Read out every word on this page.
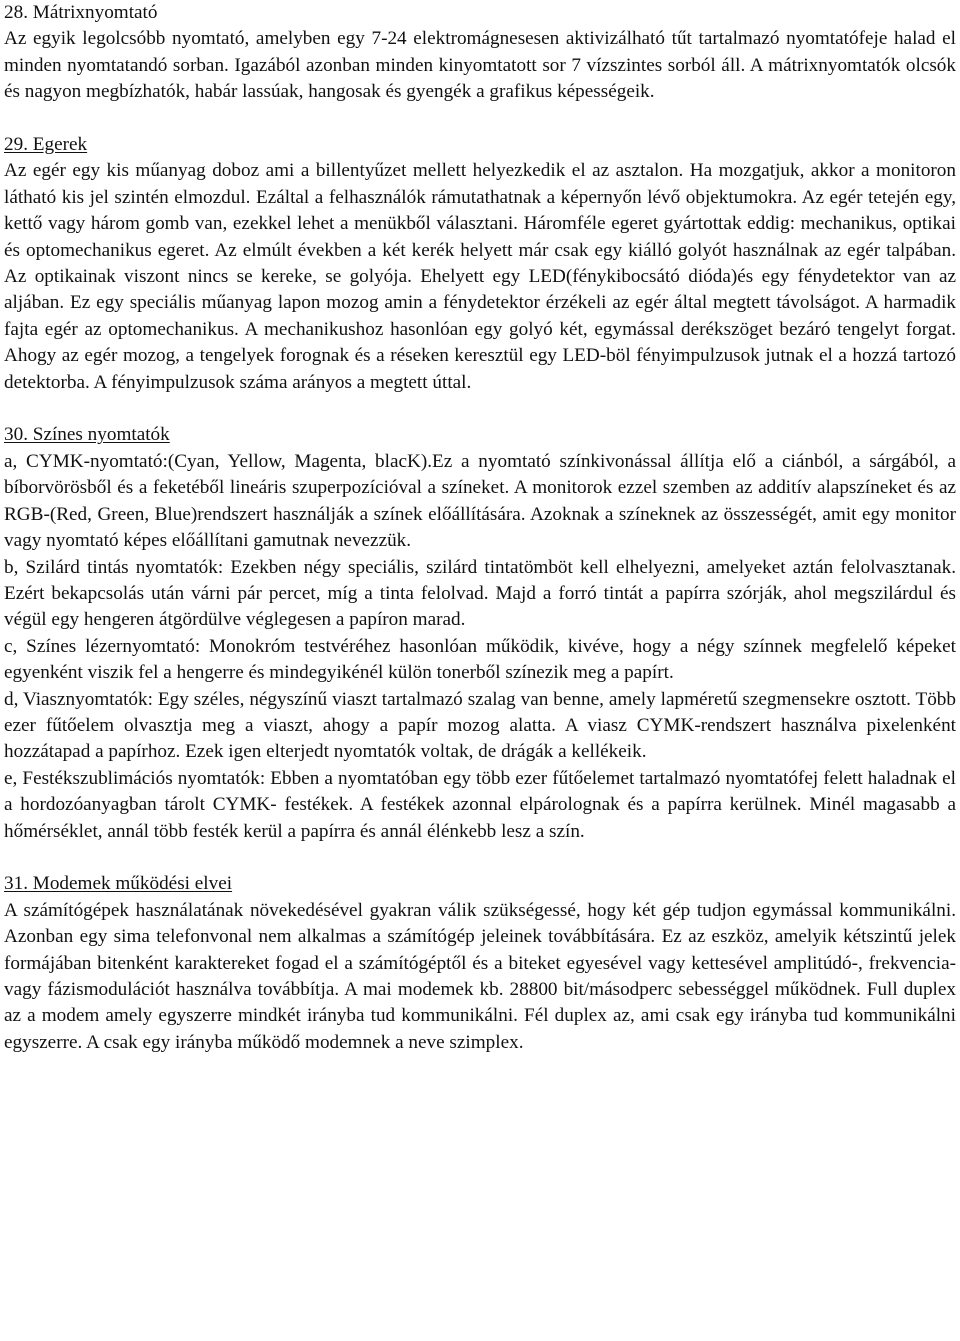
28. Mátrixnyomtató

Az egyik legolcsóbb nyomtató, amelyben egy 7-24 elektromágnesesen aktivizálható tűt tartalmazó nyomtatófeje halad el minden nyomtatandó sorban. Igazából azonban minden kinyomtatott sor 7 vízszintes sorból áll. A mátrixnyomtatók olcsók és nagyon megbízhatók, habár lassúak, hangosak és gyengék a grafikus képességeik.

29. Egerek

Az egér egy kis műanyag doboz ami a billentyűzet mellett helyezkedik el az asztalon. Ha mozgatjuk, akkor a monitoron látható kis jel szintén elmozdul. Ezáltal a felhasználók rámutathatnak a képernyőn lévő objektumokra. Az egér tetején egy, kettő vagy három gomb van, ezekkel lehet a menükből választani. Háromféle egeret gyártottak eddig: mechanikus, optikai és optomechanikus egeret. Az elmúlt években a két kerék helyett már csak egy kiálló golyót használnak az egér talpában. Az optikainak viszont nincs se kereke, se golyója. Ehelyett egy LED(fénykibocsátó dióda)és egy fénydetektor van az aljában. Ez egy speciális műanyag lapon mozog amin a fénydetektor érzékeli az egér által megtett távolságot. A harmadik fajta egér az optomechanikus. A mechanikushoz hasonlóan egy golyó két, egymással derékszöget bezáró tengelyt forgat. Ahogy az egér mozog, a tengelyek forognak és a réseken keresztül egy LED-böl fényimpulzusok jutnak el a hozzá tartozó detektorba. A fényimpulzusok száma arányos a megtett úttal.

30. Színes nyomtatók

a, CYMK-nyomtató:(Cyan, Yellow, Magenta, blacK).Ez a nyomtató színkivonással állítja elő a ciánból, a sárgából, a bíborvörösből és a feketéből lineáris szuperpozícióval a színeket. A monitorok ezzel szemben az additív alapszíneket és az RGB-(Red, Green, Blue)rendszert használják a színek előállítására. Azoknak a színeknek az összességét, amit egy monitor vagy nyomtató képes előállítani gamutnak nevezzük.

b, Szilárd tintás nyomtatók: Ezekben négy speciális, szilárd tintatömböt kell elhelyezni, amelyeket aztán felolvasztanak. Ezért bekapcsolás után várni pár percet, míg a tinta felolvad. Majd a forró tintát a papírra szórják, ahol megszilárdul és végül egy hengeren átgördülve véglegesen a papíron marad.

c, Színes lézernyomtató: Monokróm testvéréhez hasonlóan működik, kivéve, hogy a négy színnek megfelelő képeket egyenként viszik fel a hengerre és mindegyikénél külön tonerből színezik meg a papírt.

d, Viasznyomtatók: Egy széles, négyszínű viaszt tartalmazó szalag van benne, amely lapméretű szegmensekre osztott. Több ezer fűtőelem olvasztja meg a viaszt, ahogy a papír mozog alatta. A viasz CYMK-rendszert használva pixelenként hozzátapad a papírhoz. Ezek igen elterjedt nyomtatók voltak, de drágák a kellékeik.

e, Festékszublimációs nyomtatók: Ebben a nyomtatóban egy több ezer fűtőelemet tartalmazó nyomtatófej felett haladnak el a hordozóanyagban tárolt CYMK- festékek. A festékek azonnal elpárolognak és a papírra kerülnek. Minél magasabb a hőmérséklet, annál több festék kerül a papírra és annál élénkebb lesz a szín.

31. Modemek működési elvei

A számítógépek használatának növekedésével gyakran válik szükségessé, hogy két gép tudjon egymással kommunikálni. Azonban egy sima telefonvonal nem alkalmas a számítógép jeleinek továbbítására. Ez az eszköz, amelyik kétszintű jelek formájában bitenként karaktereket fogad el a számítógéptől és a biteket egyesével vagy kettesével amplitúdó-, frekvencia- vagy fázismodulációt használva továbbítja. A mai modemek kb. 28800 bit/másodperc sebességgel működnek. Full duplex az a modem amely egyszerre mindkét irányba tud kommunikálni. Fél duplex az, ami csak egy irányba tud kommunikálni egyszerre. A csak egy irányba működő modemnek a neve szimplex.
